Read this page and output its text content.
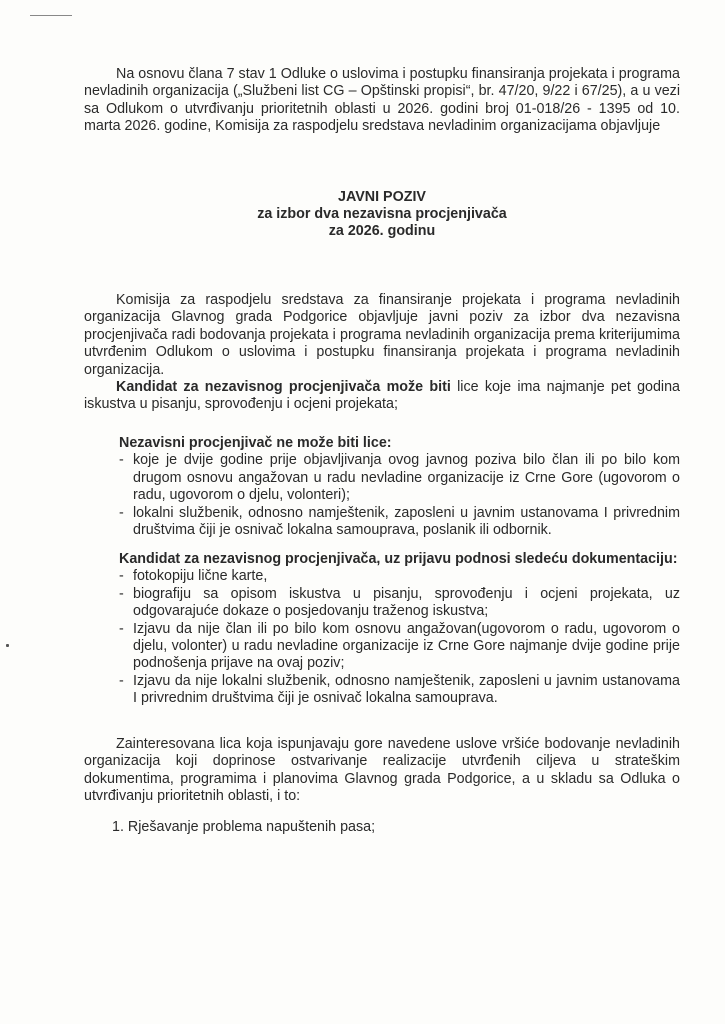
Na osnovu člana 7 stav 1 Odluke o uslovima i postupku finansiranja projekata i programa nevladinih organizacija („Službeni list CG – Opštinski propisi“, br. 47/20, 9/22 i 67/25), a u vezi sa Odlukom o utvrđivanju prioritetnih oblasti u 2026. godini broj 01-018/26 - 1395 od 10. marta 2026. godine, Komisija za raspodjelu sredstava nevladinim organizacijama objavljuje

JAVNI POZIV
za izbor dva nezavisna procjenjivača
za 2026. godinu

Komisija za raspodjelu sredstava za finansiranje projekata i programa nevladinih organizacija Glavnog grada Podgorice objavljuje javni poziv za izbor dva nezavisna procjenjivača radi bodovanja projekata i programa nevladinih organizacija prema kriterijumima utvrđenim Odlukom o uslovima i postupku finansiranja projekata i programa nevladinih organizacija.

Kandidat za nezavisnog procjenjivača može biti lice koje ima najmanje pet godina iskustva u pisanju, sprovođenju i ocjeni projekata;

Nezavisni procjenjivač ne može biti lice:
- koje je dvije godine prije objavljivanja ovog javnog poziva bilo član ili po bilo kom drugom osnovu angažovan u radu nevladine organizacije iz Crne Gore (ugovorom o radu, ugovorom o djelu, volonteri);
- lokalni službenik, odnosno namještenik, zaposleni u javnim ustanovama I privrednim društvima čiji je osnivač lokalna samouprava, poslanik ili odbornik.
Kandidat za nezavisnog procjenjivača, uz prijavu podnosi sledeću dokumentaciju:
- fotokopiju lične karte,
- biografiju sa opisom iskustva u pisanju, sprovođenju i ocjeni projekata, uz odgovarajuće dokaze o posjedovanju traženog iskustva;
- Izjavu da nije član ili po bilo kom osnovu angažovan(ugovorom o radu, ugovorom o djelu, volonter) u radu nevladine organizacije iz Crne Gore najmanje dvije godine prije podnošenja prijave na ovaj poziv;
- Izjavu da nije lokalni službenik, odnosno namještenik, zaposleni u javnim ustanovama I privrednim društvima čiji je osnivač lokalna samouprava.

Zainteresovana lica koja ispunjavaju gore navedene uslove vršiće bodovanje nevladinih organizacija koji doprinose ostvarivanje realizacije utvrđenih ciljeva u strateškim dokumentima, programima i planovima Glavnog grada Podgorice, a u skladu sa Odluka o utvrđivanju prioritetnih oblasti, i to:

1. Rješavanje problema napuštenih pasa;
